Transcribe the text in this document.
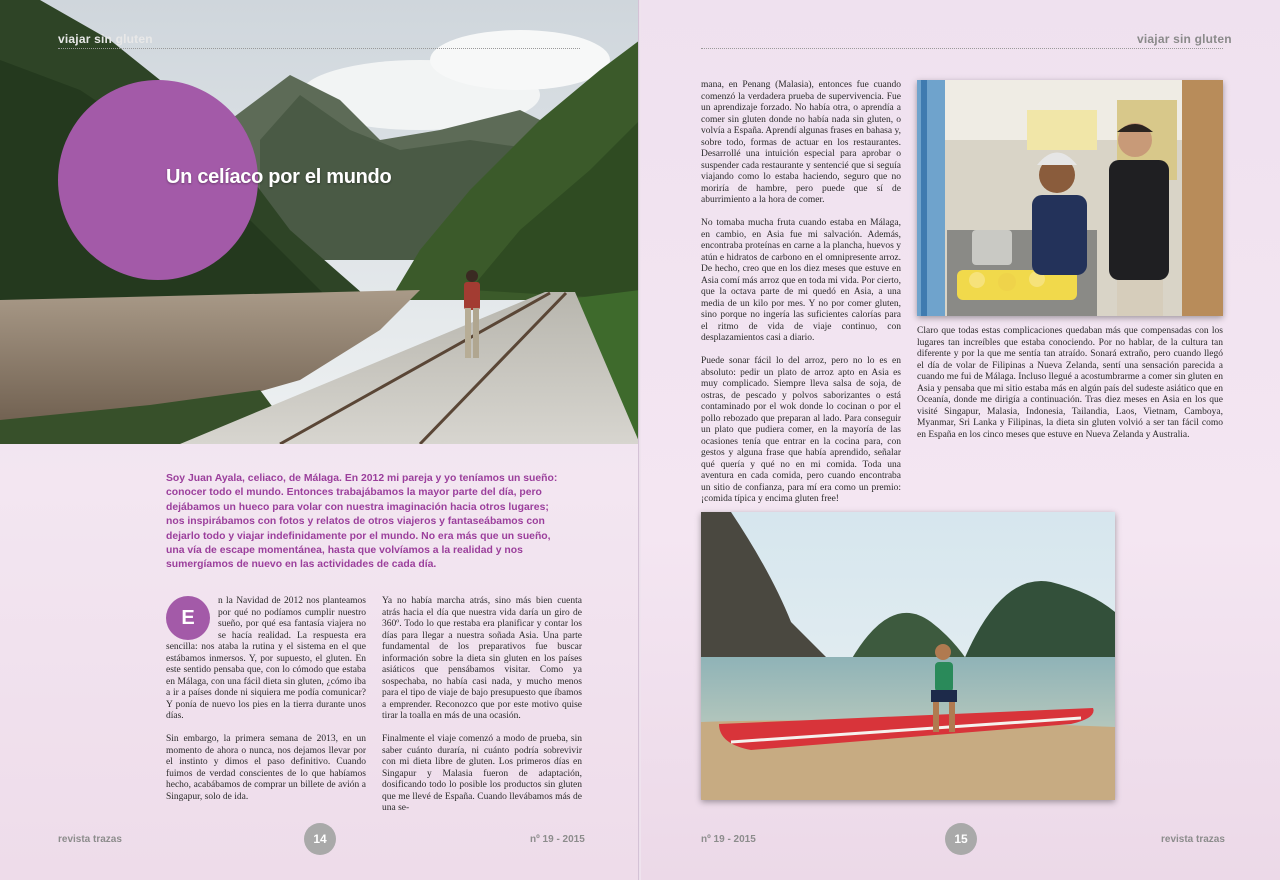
viajar sin gluten
Un celíaco por el mundo

Soy Juan Ayala, celiaco, de Málaga. En 2012 mi pareja y yo teníamos un sueño: conocer todo el mundo. Entonces trabajábamos la mayor parte del día, pero dejábamos un hueco para volar con nuestra imaginación hacia otros lugares; nos inspirábamos con fotos y relatos de otros viajeros y fantaseábamos con dejarlo todo y viajar indefinidamente por el mundo. No era más que un sueño, una vía de escape momentánea, hasta que volvíamos a la realidad y nos sumergíamos de nuevo en las actividades de cada día.

E
n la Navidad de 2012 nos planteamos por qué no podíamos cumplir nuestro sueño, por qué esa fantasía viajera no se hacía realidad. La respuesta era sencilla: nos ataba la rutina y el sistema en el que estábamos inmersos. Y, por supuesto, el gluten. En este sentido pensaba que, con lo cómodo que estaba en Málaga, con una fácil dieta sin gluten, ¿cómo iba a ir a países donde ni siquiera me podía comunicar? Y ponía de nuevo los pies en la tierra durante unos días.

Sin embargo, la primera semana de 2013, en un momento de ahora o nunca, nos dejamos llevar por el instinto y dimos el paso definitivo. Cuando fuimos de verdad conscientes de lo que habíamos hecho, acabábamos de comprar un billete de avión a Singapur, solo de ida.

Ya no había marcha atrás, sino más bien cuenta atrás hacia el día que nuestra vida daría un giro de 360º. Todo lo que restaba era planificar y contar los días para llegar a nuestra soñada Asia. Una parte fundamental de los preparativos fue buscar información sobre la dieta sin gluten en los países asiáticos que pensábamos visitar. Como ya sospechaba, no había casi nada, y mucho menos para el tipo de viaje de bajo presupuesto que íbamos a emprender. Reconozco que por este motivo quise tirar la toalla en más de una ocasión.

Finalmente el viaje comenzó a modo de prueba, sin saber cuánto duraría, ni cuánto podría sobrevivir con mi dieta libre de gluten. Los primeros días en Singapur y Malasia fueron de adaptación, dosificando todo lo posible los productos sin gluten que me llevé de España. Cuando llevábamos más de una se-

revista trazas	14	nº 19 - 2015
viajar sin gluten

mana, en Penang (Malasia), entonces fue cuando comenzó la verdadera prueba de supervivencia. Fue un aprendizaje forzado. No había otra, o aprendía a comer sin gluten donde no había nada sin gluten, o volvía a España. Aprendí algunas frases en bahasa y, sobre todo, formas de actuar en los restaurantes. Desarrollé una intuición especial para aprobar o suspender cada restaurante y sentencié que si seguía viajando como lo estaba haciendo, seguro que no moriría de hambre, pero puede que sí de aburrimiento a la hora de comer.

No tomaba mucha fruta cuando estaba en Málaga, en cambio, en Asia fue mi salvación. Además, encontraba proteínas en carne a la plancha, huevos y atún e hidratos de carbono en el omnipresente arroz. De hecho, creo que en los diez meses que estuve en Asia comí más arroz que en toda mi vida. Por cierto, que la octava parte de mi quedó en Asia, a una media de un kilo por mes. Y no por comer gluten, sino porque no ingería las suficientes calorías para el ritmo de vida de viaje continuo, con desplazamientos casi a diario.

Puede sonar fácil lo del arroz, pero no lo es en absoluto: pedir un plato de arroz apto en Asia es muy complicado. Siempre lleva salsa de soja, de ostras, de pescado y polvos saborizantes o está contaminado por el wok donde lo cocinan o por el pollo rebozado que preparan al lado. Para conseguir un plato que pudiera comer, en la mayoría de las ocasiones tenía que entrar en la cocina para, con gestos y alguna frase que había aprendido, señalar qué quería y qué no en mi comida. Toda una aventura en cada comida, pero cuando encontraba un sitio de confianza, para mí era como un premio: ¡comida típica y encima gluten free!

Claro que todas estas complicaciones quedaban más que compensadas con los lugares tan increíbles que estaba conociendo. Por no hablar, de la cultura tan diferente y por la que me sentía tan atraído. Sonará extraño, pero cuando llegó el día de volar de Filipinas a Nueva Zelanda, sentí una sensación parecida a cuando me fui de Málaga. Incluso llegué a acostumbrarme a comer sin gluten en Asia y pensaba que mi sitio estaba más en algún país del sudeste asiático que en Oceanía, donde me dirigía a continuación. Tras diez meses en Asia en los que visité Singapur, Malasia, Indonesia, Tailandia, Laos, Vietnam, Camboya, Myanmar, Sri Lanka y Filipinas, la dieta sin gluten volvió a ser tan fácil como en España en los cinco meses que estuve en Nueva Zelanda y Australia.

nº 19 - 2015	15	revista trazas
